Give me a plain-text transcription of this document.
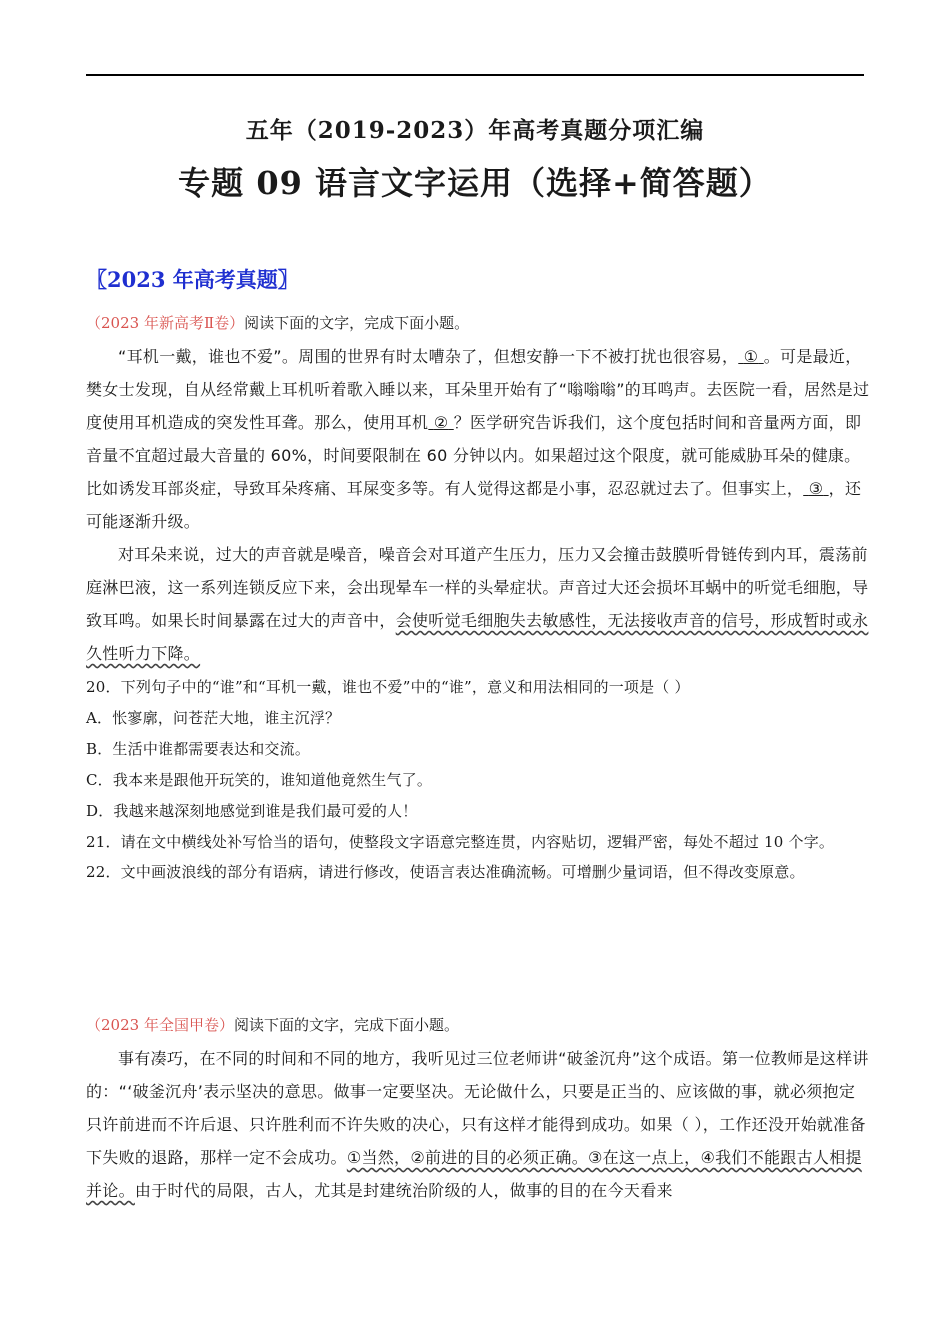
五年（2019-2023）年高考真题分项汇编
专题 09 语言文字运用（选择+简答题）
〖2023 年高考真题〗
（2023 年新高考Ⅱ卷）阅读下面的文字，完成下面小题。

“耳机一戴，谁也不爱”。周围的世界有时太嘈杂了，但想安静一下不被打扰也很容易， ① 。可是最近，樊女士发现，自从经常戴上耳机听着歌入睡以来，耳朵里开始有了“嗡嗡嗡”的耳鸣声。去医院一看，居然是过度使用耳机造成的突发性耳聋。那么，使用耳机 ② ？医学研究告诉我们，这个度包括时间和音量两方面，即音量不宜超过最大音量的 60%，时间要限制在 60 分钟以内。如果超过这个限度，就可能威胁耳朵的健康。比如诱发耳部炎症，导致耳朵疼痛、耳屎变多等。有人觉得这都是小事，忍忍就过去了。但事实上， ③ ，还可能逐渐升级。

对耳朵来说，过大的声音就是噪音，噪音会对耳道产生压力，压力又会撞击鼓膜听骨链传到内耳，震荡前庭淋巴液，这一系列连锁反应下来，会出现晕车一样的头晕症状。声音过大还会损坏耳蜗中的听觉毛细胞，导致耳鸣。如果长时间暴露在过大的声音中，会使听觉毛细胞失去敏感性，无法接收声音的信号，形成暂时或永久性听力下降。

20．下列句子中的“谁”和“耳机一戴，谁也不爱”中的“谁”，意义和用法相同的一项是（ ）

A．怅寥廓，问苍茫大地，谁主沉浮？

B．生活中谁都需要表达和交流。

C．我本来是跟他开玩笑的，谁知道他竟然生气了。

D．我越来越深刻地感觉到谁是我们最可爱的人！

21．请在文中横线处补写恰当的语句，使整段文字语意完整连贯，内容贴切，逻辑严密，每处不超过 10 个字。

22．文中画波浪线的部分有语病，请进行修改，使语言表达准确流畅。可增删少量词语，但不得改变原意。

（2023 年全国甲卷）阅读下面的文字，完成下面小题。

事有凑巧，在不同的时间和不同的地方，我听见过三位老师讲“破釜沉舟”这个成语。第一位教师是这样讲的：“‘破釜沉舟’表示坚决的意思。做事一定要坚决。无论做什么，只要是正当的、应该做的事，就必须抱定只许前进而不许后退、只许胜利而不许失败的决心，只有这样才能得到成功。如果（ ），工作还没开始就准备下失败的退路，那样一定不会成功。①当然，②前进的目的必须正确。③在这一点上，④我们不能跟古人相提并论。由于时代的局限，古人，尤其是封建统治阶级的人，做事的目的在今天看来
